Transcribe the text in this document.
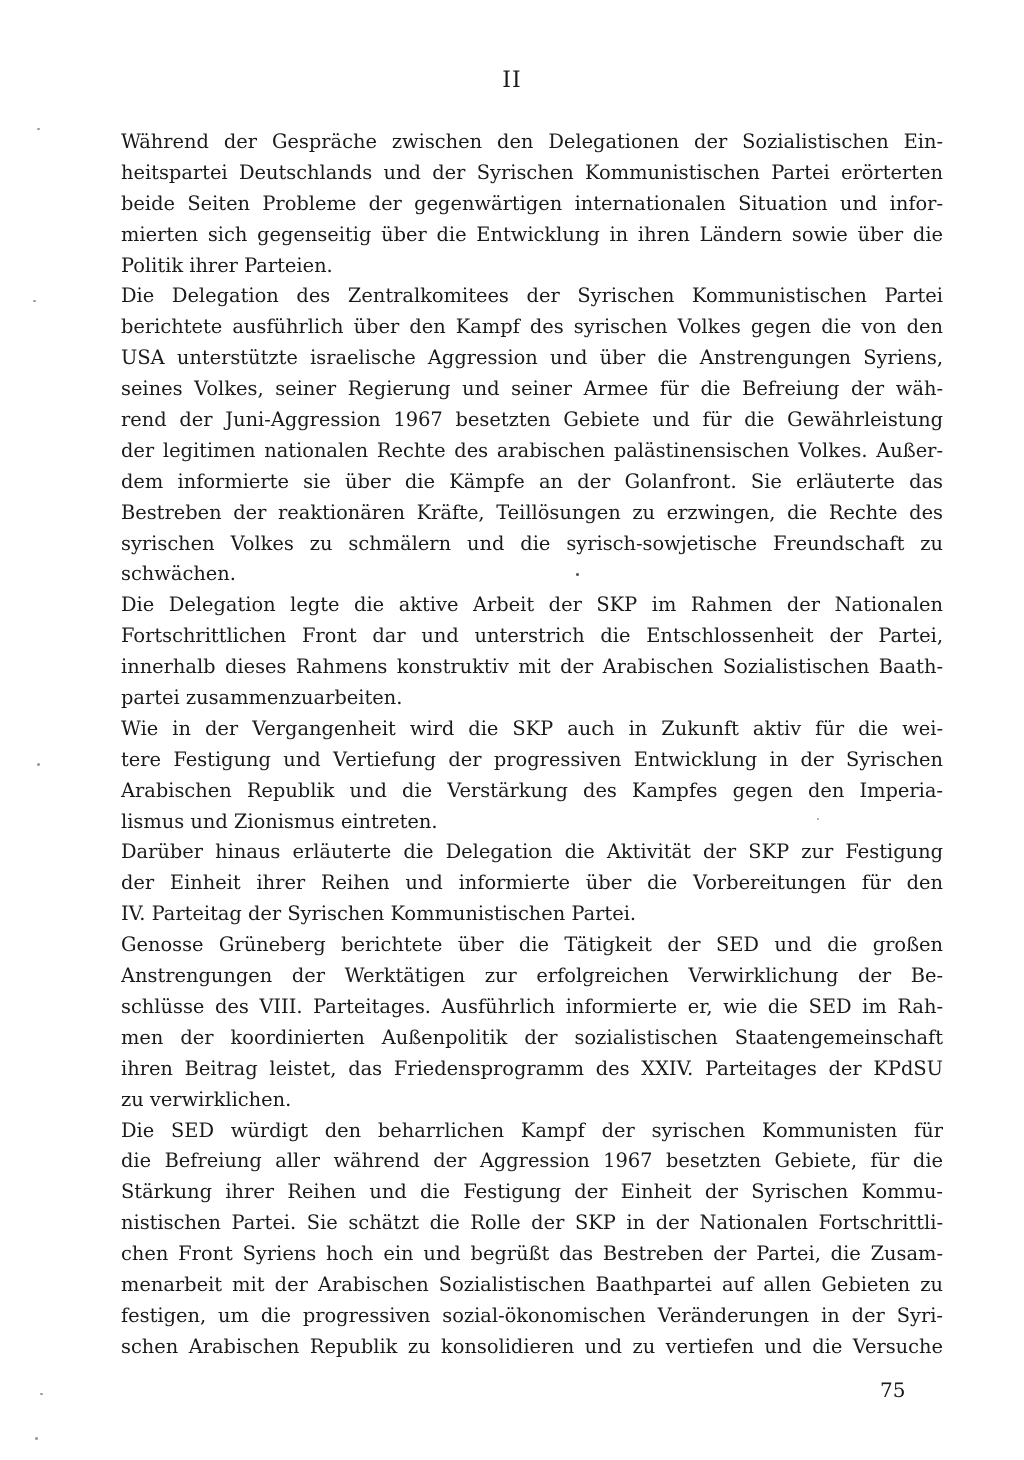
II
Während der Gespräche zwischen den Delegationen der Sozialistischen Ein-
heitspartei Deutschlands und der Syrischen Kommunistischen Partei erörterten
beide Seiten Probleme der gegenwärtigen internationalen Situation und infor-
mierten sich gegenseitig über die Entwicklung in ihren Ländern sowie über die
Politik ihrer Parteien.
Die Delegation des Zentralkomitees der Syrischen Kommunistischen Partei
berichtete ausführlich über den Kampf des syrischen Volkes gegen die von den
USA unterstützte israelische Aggression und über die Anstrengungen Syriens,
seines Volkes, seiner Regierung und seiner Armee für die Befreiung der wäh-
rend der Juni-Aggression 1967 besetzten Gebiete und für die Gewährleistung
der legitimen nationalen Rechte des arabischen palästinensischen Volkes. Außer-
dem informierte sie über die Kämpfe an der Golanfront. Sie erläuterte das
Bestreben der reaktionären Kräfte, Teillösungen zu erzwingen, die Rechte des
syrischen Volkes zu schmälern und die syrisch-sowjetische Freundschaft zu
schwächen.
Die Delegation legte die aktive Arbeit der SKP im Rahmen der Nationalen
Fortschrittlichen Front dar und unterstrich die Entschlossenheit der Partei,
innerhalb dieses Rahmens konstruktiv mit der Arabischen Sozialistischen Baath-
partei zusammenzuarbeiten.
Wie in der Vergangenheit wird die SKP auch in Zukunft aktiv für die wei-
tere Festigung und Vertiefung der progressiven Entwicklung in der Syrischen
Arabischen Republik und die Verstärkung des Kampfes gegen den Imperia-
lismus und Zionismus eintreten.
Darüber hinaus erläuterte die Delegation die Aktivität der SKP zur Festigung
der Einheit ihrer Reihen und informierte über die Vorbereitungen für den
IV. Parteitag der Syrischen Kommunistischen Partei.
Genosse Grüneberg berichtete über die Tätigkeit der SED und die großen
Anstrengungen der Werktätigen zur erfolgreichen Verwirklichung der Be-
schlüsse des VIII. Parteitages. Ausführlich informierte er, wie die SED im Rah-
men der koordinierten Außenpolitik der sozialistischen Staatengemeinschaft
ihren Beitrag leistet, das Friedensprogramm des XXIV. Parteitages der KPdSU
zu verwirklichen.
Die SED würdigt den beharrlichen Kampf der syrischen Kommunisten für
die Befreiung aller während der Aggression 1967 besetzten Gebiete, für die
Stärkung ihrer Reihen und die Festigung der Einheit der Syrischen Kommu-
nistischen Partei. Sie schätzt die Rolle der SKP in der Nationalen Fortschrittli-
chen Front Syriens hoch ein und begrüßt das Bestreben der Partei, die Zusam-
menarbeit mit der Arabischen Sozialistischen Baathpartei auf allen Gebieten zu
festigen, um die progressiven sozial-ökonomischen Veränderungen in der Syri-
schen Arabischen Republik zu konsolidieren und zu vertiefen und die Versuche
75
